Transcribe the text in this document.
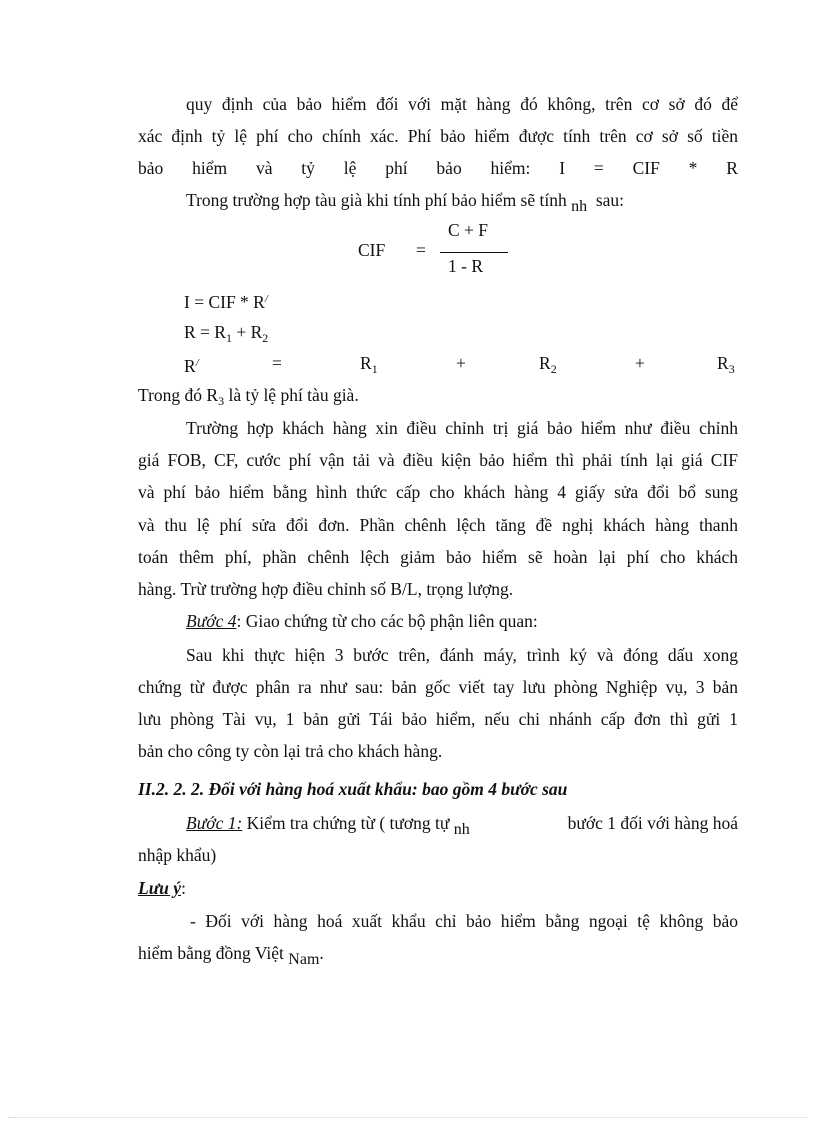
quy định của bảo hiểm đối với mặt hàng đó không, trên cơ sở đó để
xác định tỷ lệ phí cho chính xác. Phí bảo hiểm được tính trên cơ sở số tiền
bảo hiểm và tỷ lệ phí bảo hiểm: I = CIF * R
Trong trường hợp tàu già khi tính phí bảo hiểm sẽ tính nh sau:
CIF =
C + F
1 - R
I = CIF * R/
$R = R_1 + R_2$
R/	=	$R_1$	+	$R_2$	+	$R_3$
Trong đó $R_3$ là tỷ lệ phí tàu già.
Trường hợp khách hàng xin điều chỉnh trị giá bảo hiểm như điều chỉnh
giá FOB, CF, cước phí vận tải và điều kiện bảo hiểm thì phải tính lại giá CIF
và phí bảo hiểm bằng hình thức cấp cho khách hàng 4 giấy sửa đổi bổ sung
và thu lệ phí sửa đổi đơn. Phần chênh lệch tăng đề nghị khách hàng thanh
toán thêm phí, phần chênh lệch giảm bảo hiểm sẽ hoàn lại phí cho khách
hàng. Trừ trường hợp điều chỉnh số B/L, trọng lượng.
Bước 4: Giao chứng từ cho các bộ phận liên quan:
Sau khi thực hiện 3 bước trên, đánh máy, trình ký và đóng dấu xong
chứng từ được phân ra như sau: bản gốc viết tay lưu phòng Nghiệp vụ, 3 bản
lưu phòng Tài vụ, 1 bản gửi Tái bảo hiểm, nếu chi nhánh cấp đơn thì gửi 1
bản cho công ty còn lại trả cho khách hàng.
II.2. 2. 2. Đối với hàng hoá xuất khẩu: bao gồm 4 bước sau
Bước 1: Kiểm tra chứng từ ( tương tự nh	bước 1 đối với hàng hoá
nhập khẩu)
Lưu ý:
- Đối với hàng hoá xuất khẩu chỉ bảo hiểm bằng ngoại tệ không bảo
hiểm bằng đồng Việt Nam.
